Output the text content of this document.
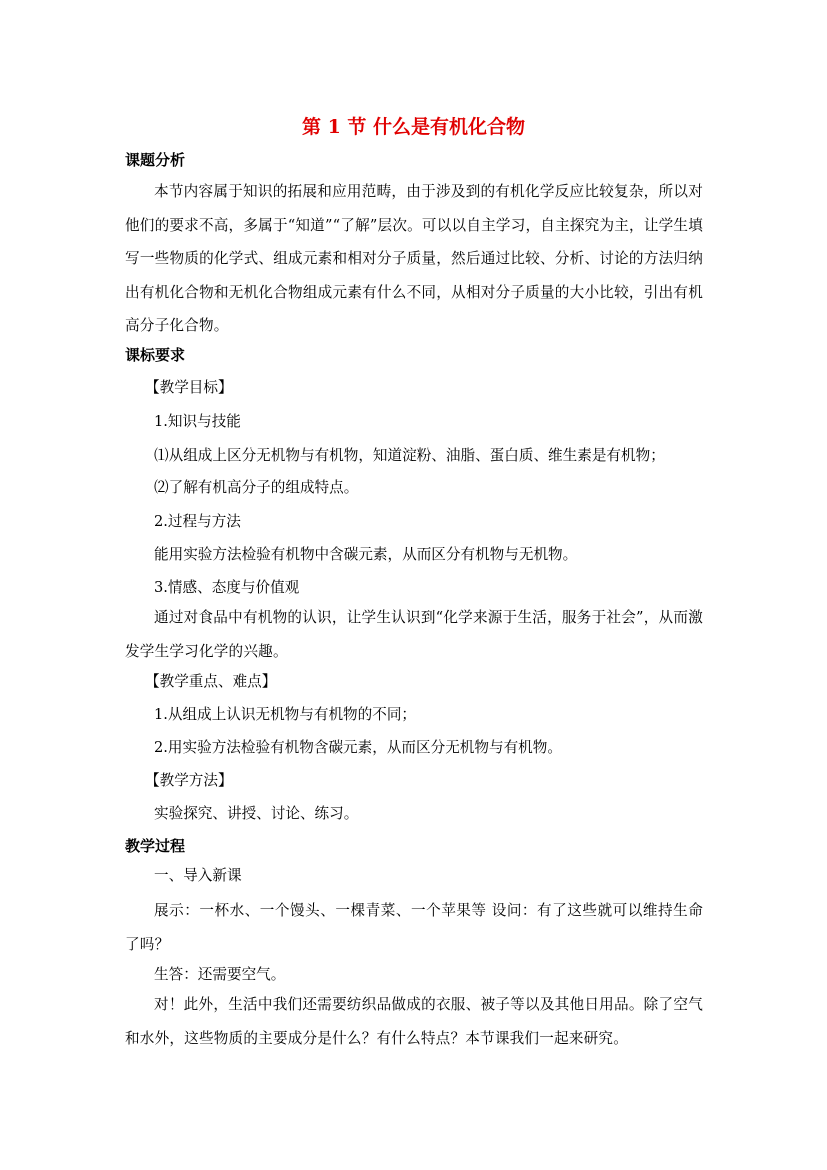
第 1 节 什么是有机化合物
课题分析
本节内容属于知识的拓展和应用范畴，由于涉及到的有机化学反应比较复杂，所以对他们的要求不高，多属于“知道”“了解”层次。可以以自主学习，自主探究为主，让学生填写一些物质的化学式、组成元素和相对分子质量，然后通过比较、分析、讨论的方法归纳出有机化合物和无机化合物组成元素有什么不同，从相对分子质量的大小比较，引出有机高分子化合物。
课标要求
【教学目标】
1.知识与技能
⑴从组成上区分无机物与有机物，知道淀粉、油脂、蛋白质、维生素是有机物；
⑵了解有机高分子的组成特点。
2.过程与方法
能用实验方法检验有机物中含碳元素，从而区分有机物与无机物。
3.情感、态度与价值观
通过对食品中有机物的认识，让学生认识到“化学来源于生活，服务于社会”，从而激发学生学习化学的兴趣。
【教学重点、难点】
1.从组成上认识无机物与有机物的不同；
2.用实验方法检验有机物含碳元素，从而区分无机物与有机物。
【教学方法】
实验探究、讲授、讨论、练习。
教学过程
一、导入新课
展示：一杯水、一个馒头、一棵青菜、一个苹果等 设问：有了这些就可以维持生命了吗？
生答：还需要空气。
对！此外，生活中我们还需要纺织品做成的衣服、被子等以及其他日用品。除了空气和水外，这些物质的主要成分是什么？有什么特点？本节课我们一起来研究。
